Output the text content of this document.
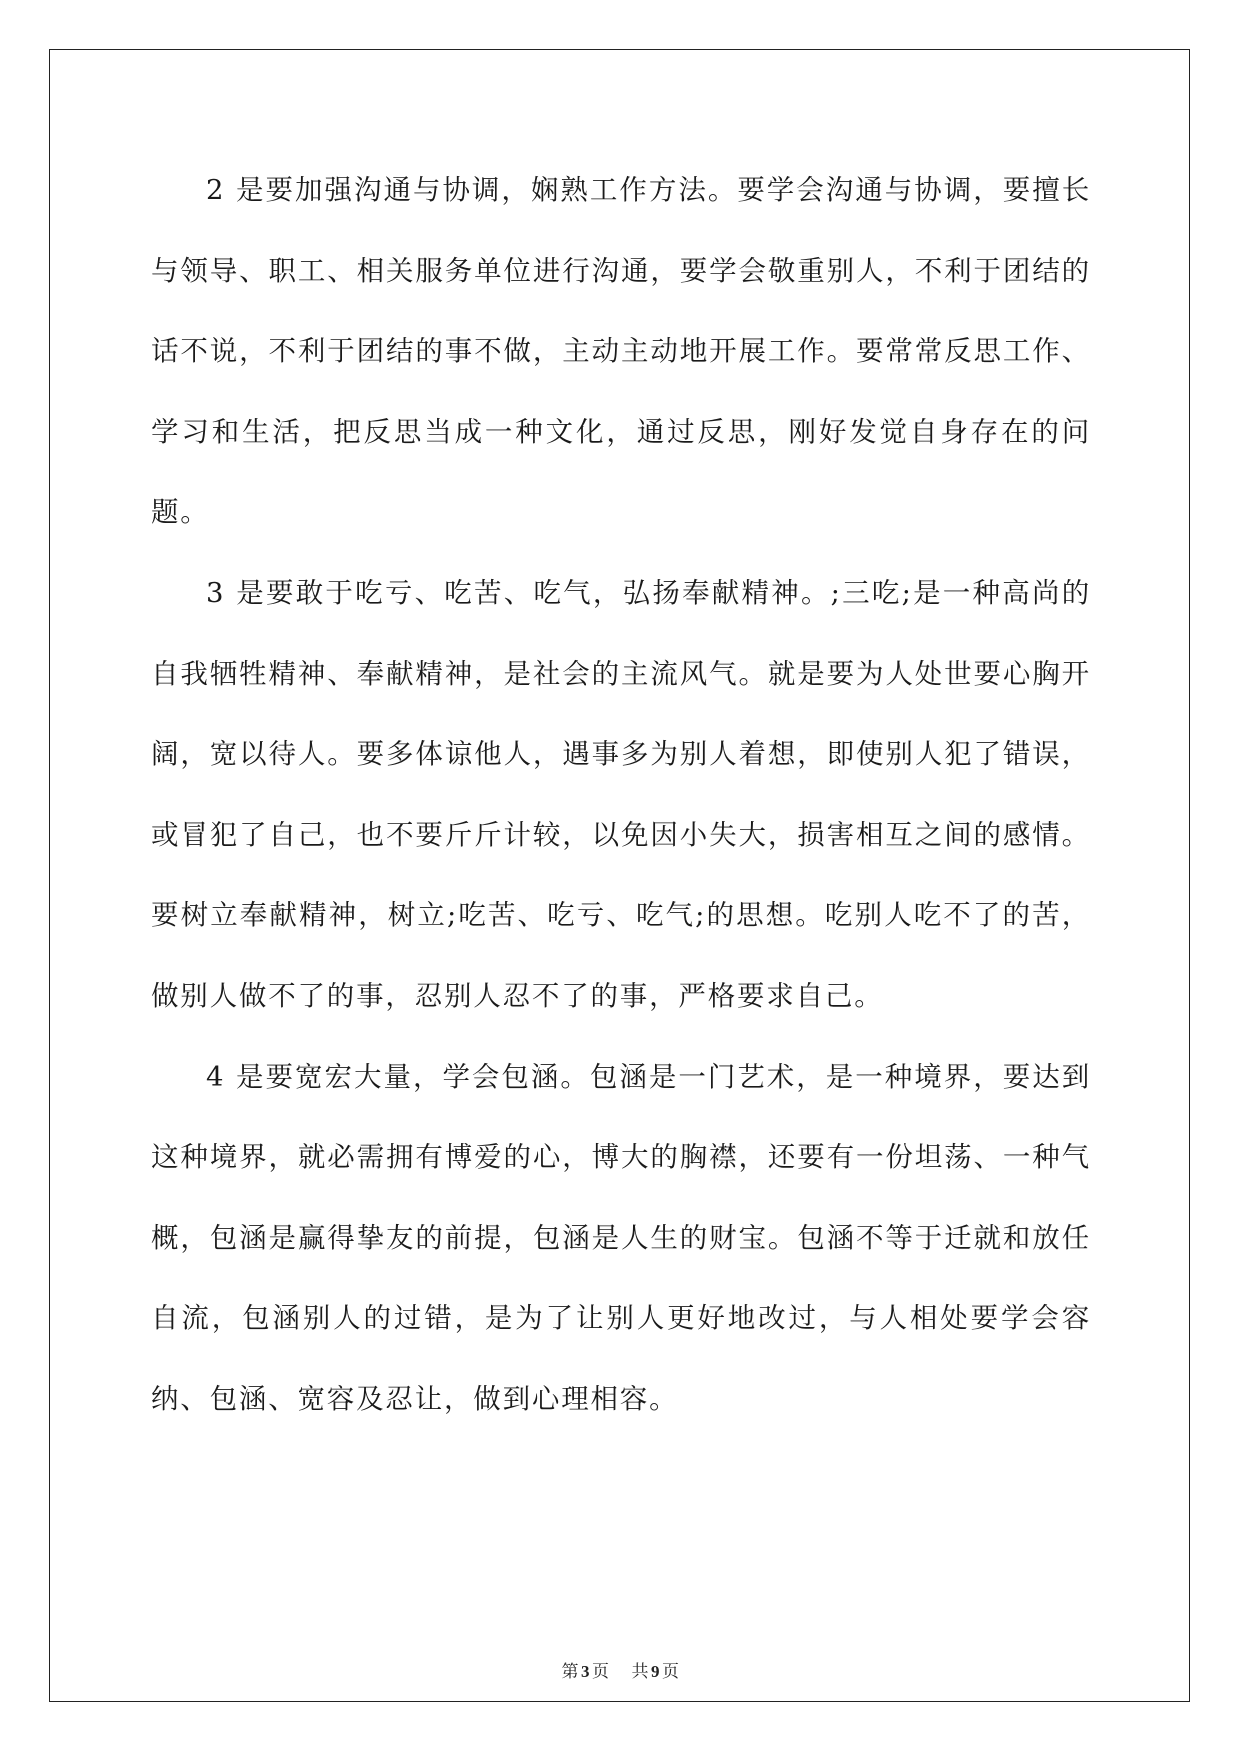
2 是要加强沟通与协调，娴熟工作方法。要学会沟通与协调，要擅长与领导、职工、相关服务单位进行沟通，要学会敬重别人，不利于团结的话不说，不利于团结的事不做，主动主动地开展工作。要常常反思工作、学习和生活，把反思当成一种文化，通过反思，刚好发觉自身存在的问题。

3 是要敢于吃亏、吃苦、吃气，弘扬奉献精神。;三吃;是一种高尚的自我牺牲精神、奉献精神，是社会的主流风气。就是要为人处世要心胸开阔，宽以待人。要多体谅他人，遇事多为别人着想，即使别人犯了错误，或冒犯了自己，也不要斤斤计较，以免因小失大，损害相互之间的感情。要树立奉献精神，树立;吃苦、吃亏、吃气;的思想。吃别人吃不了的苦，做别人做不了的事，忍别人忍不了的事，严格要求自己。

4 是要宽宏大量，学会包涵。包涵是一门艺术，是一种境界，要达到这种境界，就必需拥有博爱的心，博大的胸襟，还要有一份坦荡、一种气概，包涵是赢得挚友的前提，包涵是人生的财宝。包涵不等于迁就和放任自流，包涵别人的过错，是为了让别人更好地改过，与人相处要学会容纳、包涵、宽容及忍让，做到心理相容。

第 3 页 共 9 页
